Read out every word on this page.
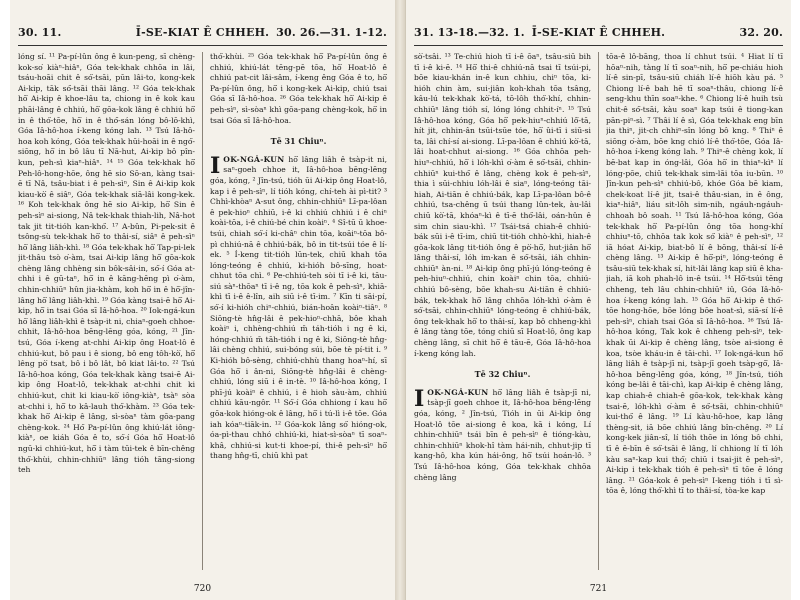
30. 11.	Ī-SE-KIAT Ê CHHEH. 30. 26.—31. 1-12.

lóng sí. ¹¹ Pa-pí-lûn ông ê kun-peng, sī chèng-kok-so͘ kiàⁿ-hiâⁿ, Góa tek-khak chhōa in lâi, tsáu-hoāi chit ê só͘-tsāi, pūn lâi-to, kong-kek Ai-kip, tāk só͘-tsāi thāi lâng. ¹² Góa tek-khak hō͘ Ai-kip ê khoe-lâu ta, chiong in ê kok kau phāi-lâng ê chhiú, hō͘ gōa-kok lâng ê chhiú hō͘ in ê thó͘-tōe, hō͘ in ê thó͘-sán lóng bô-lō-khì, Góa Iâ-hô-hoa í-keng kóng lah. ¹³ Tsú Iâ-hô-hoa koh kóng, Góa tek-khak hūi-hoāi in ê ngó͘-siōng, hō͘ in bô lâu tī Nā-hut, Ai-kip bô pîn-kun, peh-sì kiaⁿ-hiâⁿ. ¹⁴ ¹⁵ Góa tek-khak hō͘ Peh-lô-hong-hōe, ông hē sio Sō-an, kàng tsai-ē tī Nâ, tsâu-biat i ê peh-sìⁿ, Sin ê Ai-kip kok kiau-kò͘ ê siâⁿ, Góa tek-khak siā-lâi kong-kek. ¹⁶ Koh tek-khak ông hē sio Ai-kip, hō͘ Sin ê peh-sìⁿ ai-siong, Nâ tek-khak thiah-lih, Nâ-hot tak jit tit-tióh kan-khó͘. ¹⁷ A-bûn, Pi-pek-sit ê tsông-sù tek-khak hō͘ to thâi-sí, siâⁿ ê peh-sìⁿ hō͘ lâng liâh-khì. ¹⁸ Góa tek-khak hō͘ Tap-pi-lek jit-thâu tsò o͘-àm, tsai Ai-kip lâng hō͘ gōa-kok chèng lâng chhèng sin bôk-sâi-in, só͘-í Góa at-chhi i ê gū-taⁿ, hō͘ in ê kāng-hēng pì o͘-àm, chhin-chhiūⁿ hûn jia-khàm, koh hō͘ in ê hō͘-jîn-lâng hō͘ lâng liâh-khì. ¹⁹ Góa kàng tsai-ē hō͘ Ai-kip, hō͘ in tsai Góa sī Iâ-hô-hoa. ²⁰ Iok-ngá-kun hō͘ lâng liâh-khì ê tsàp-it ni, chiaⁿ-goeh chhoe-chhit, Iâ-hô-hoa bēng-lēng góa, kóng, ²¹ Jîn-tsú, Góa í-keng at-chhi Ai-kip ông Hoat-lô ê chhiú-kut, bô pau i ê siong, bô eng tôh-kò͘, hō͘ lêng pò͘ tsat, bô i bô lât, bô kiat lâi-to. ²² Tsú Iâ-hô-hoa kóng, Góa tek-khak kàng tsai-ē Ai-kip ông Hoat-lô, tek-khak at-chhi chit ki chhiú-kut, chit ki kiau-kò͘ iông-kiàⁿ, tsàⁿ sòa at-chhi i, hō͘ to kâ-lauh thó͘-khàm. ²³ Góa tek-khak hō͘ Ai-kip ê lâng, sì-sòaⁿ tàm gōa-pang chèng-kok. ²⁴ Hó͘ Pa-pí-lûn ông khiú-lát iông-kiàⁿ, oe kiáh Góa ê to, só͘-í Góa hō͘ Hoat-lô ngū-ki chhiú-kut, hō͘ i tàm tūi-tek ê bīn-chêng thó͘-khùi, chhin-chhiūⁿ lâng tióh tāng-siong teh

thó͘-khùi. ²⁵ Góa tek-khak hō͘ Pa-pí-lûn ông ê chhiú, khiú-lát tēng-pē tōa, hō͘ Hoat-lô ê chhiú pat-cit lâi-sâm, í-keng êng Góa ê to, hō͘ Pa-pí-lûn ông, hō͘ i kong-kek Ai-kip, chiú tsai Góa sī Iâ-hô-hoa. ²⁶ Góa tek-khak hō͘ Ai-kip ê peh-sìⁿ, sì-sòaⁿ khì gōa-pang chèng-kok, hō͘ in tsai Góa sī Iâ-hô-hoa.

Tē 31 Chiuⁿ.

IOK-NGÁ-KUN hō͘ lâng liâh ê tsàp-it ni, saⁿ-goeh chhoe it, Iâ-hô-hoa bēng-lēng góa, kóng, ² Jîn-tsú, tióh ūi Ai-kip ông Hoat-lô, kap i ê peh-sìⁿ, lí tióh kóng, chí-teh ài pì-tit? ³ Chhì-khòaⁿ A-sut ông, chhin-chhiūⁿ Lī-pa-lôan ê pek-hioⁿ chhiū, i-ê ki chhiú chhiú i ê chiⁿ koài-tōa, i-ê chiú-bé chin koàiⁿ. ⁴ Sî-tū ū khoe-tsúi, chiah só͘-í ki-châⁿ chin tōa, koāiⁿ-tōa bô-pì chhiú-nā ê chhiú-bák, bô in tit-tsúi tóe ê lí-ek. ⁵ Í-keng tit-tióh lūn-tek, chiū khah tōa lóng-teóng ê chhiú, ki-hióh bô-sīng, hoat-chhut tōa chì. ⁶ Pe-chhiú-teh sòi tī i-ê ki, tāu-siú sàⁿ-thōaⁿ tī i-ê ng, tōa kok ê peh-sìⁿ, khiā-khì tī i-ê ê-lîn, aih siū i-ê tī-im. ⁷ Kīn ti sāi-pí, só͘-í ki-hióh chiⁿ-chhiú, bián-hoân koàiⁿ-tiâⁿ. ⁸ Siōng-tè hn̂g-lâi ê pek-hioⁿ-chhā, bôe khah koàiⁿ i, chhèng-chhiú m̄ táh-tióh i ng ê ki, hóng-chhiú m̄ tāh-tióh i ng ê ki, Siōng-tè hn̂g-lâi chèng chhiú, sui-bóng súi, bōe tè pí-tit i. ⁹ Ki-hióh bô-sèng, chhiú-chhù thang hoaⁿ-hí, sī Góa hō͘ i ân-ni, Siōng-tè hn̂g-lâi ê chèng-chhiú, lóng siū i ê in-tè. ¹⁰ Iâ-hô-hoa kóng, I phī-jú koàiⁿ ê chhiú, i ê hioh sàu-àm, chhiú chhiú kāu-ngôr. ¹¹ Só͘-í Góa chhiong í kau hō͘ gōa-kok hióng-ok ê lâng, hō͘ i tú-lì i-ê tōe. Góa iah kóaⁿ-tiāk-in. ¹² Góa-kok lâng só͘ hióng-ok, óa-pì-thau chhó chhiú-ki, hiat-sì-sòaⁿ tī soaⁿ-khâ, chhiú-si kut-ti khoe-pí, thi-ê peh-sìⁿ hō͘ thang hn̂g-tī, chiū khì pat

720
31. 13-18.—32. 1. Ī-SE-KIAT Ê CHHEH.	32. 20.

sò͘-tsâi. ¹³ Te-chiú hioh tī i-ê ōaⁿ, tsâu-siū bih tī i-ê ki-ē. ¹⁴ Hō͘ thi-ê chhiú-nā tsai tī tsúi-pi, bōe kiau-khán in-ê kun chhiu, chiⁿ tōa, ki-hióh chin àm, sui-jiân koh-khah tōa tsâng, kâu-lú tek-khak kò͘-tá, tō-lôh thó͘-khí, chhin-chhiūⁿ lâng tióh sí, lóng lóng chhit-íⁿ. ¹⁵ Tsú Iâ-hô-hoa kóng, Góa hō͘ pek-hiuⁿ-chhiú lô͘-tā, hít jit, chhin-ân tsūi-tsūe tóe, hō͘ ûi-tī i siū-si ta, lâi chí-sí ai-siong. Lī-pa-lôan ê chhiú kò͘-tā, lâi hoat-chhut ai-siong. ¹⁶ Góa chhōa peh-hiuⁿ-chhiú, hō͘ i lóh-khì o͘-àm ê só͘-tsāi, chhin-chhiūⁿ kui-thó͘ ê lâng, chèng kok ê peh-sìⁿ, thia ì sūi-chhiu lóh-lâi ê siaⁿ, lóng-teóng tāi-hiah, Ai-tiān ê chhiú-bák, kap Lī-pa-lôan bô-ê chhiú, tsa-chêng ū tsúi thang lûn-tek, àu-lâi chiū kò͘-tā, khóaⁿ-kì ê tī-ē thó͘-lâi, oán-hûn ê sim chin siau-khì. ¹⁷ Tsái-tsá chiah-ê chhiú-bák sūi i-ê tī-im, chiū tit-tióh chhò-khì, hiah-ê gōa-kok lâng tit-tióh ông ê pò͘-hō͘, hut-jiân hō͘ lâng thâi-sí, lóh im-kan ê só͘-tsāi, iáh chhin-chhiūⁿ àn-ni. ¹⁸ Ai-kip ông phī-jú lóng-teóng ê peh-hiuⁿ-chhiú, chin koàiⁿ chin tōa, chhiú-chhiú bô-sèng, bōe khah-su Ai-tiān ê chhiú-bák, tek-khak hō͘ lâng chhōa lóh-khì o͘-àm ê só͘-tsāi, chhin-chhiūⁿ lóng-teóng ê chhiú-bák, ông tek-khak hō͘ to thâi-sí, kap bô chheng-khì ê lâng tàng tōe, tóng chiū sī Hoat-lô, ông kap chèng lâng, sī chit hō͘ ê tāu-ē, Góa Iâ-hô-hoa í-keng kóng lah.

Tē 32 Chiuⁿ.

IOK-NGÁ-KUN hō͘ lâng liâh ê tsàp-jī ni, tsàp-jī goeh chhoe it, Iâ-hô-hoa bēng-lēng góa, kóng, ² Jîn-tsú, Tióh in ūi Ai-kip ông Hoat-lô tōe ai-siong ê koa, kā i kóng, Lí chhin-chhiūⁿ tsái bīn ê peh-sìⁿ ê tióng-kàu, chhin-chhiūⁿ khok-hî tàm hái-nih, chhut-jip tī kang-hô, kha kún hái-ông, hō͘ tsúi hoán-lô. ³ Tsú Iâ-hô-hoa kóng, Góa tek-khak chhōa chèng lâng

tōa-ê lô-bāng, thoa lí chhut tsúi. ⁴ Hiat lí tī hōaⁿ-nih, tàng lí tī soaⁿ-nih, hō͘ pe-chiáu hioh lí-ê sin-pī, tsâu-siū chiáh lí-ê hiōh kàu pá. ⁵ Chiong lí-ê bah hē tī soaⁿ-thâu, chiong lí-ê seng-khu thīn soaⁿ-khe. ⁶ Chiong lí-ê huih tsù chit-ê só͘-tsāi, kàu soaⁿ kap tsúi ê tiong-kan pān-piⁿ-sì. ⁷ Thâi lí ê sì, Góa tek-khak eng bīn jia thiⁿ, jit-ch chhiⁿ-sîn lóng bô kng. ⁸ Thiⁿ ê siōng o͘-àm, bōe kng chió lí-ê thó͘-tōe, Góa Iâ-hô-hoa í-keng kóng lah. ⁹ Thiⁿ-ê chèng kok, lí bē-bat kap in óng-lâi, Góa hō͘ in thiaⁿ-kìⁿ lí lóng-pōe, chiū tek-khak sim-lāi tōa iu-būn. ¹⁰ Jîn-kun peh-sìⁿ chhiú-bô, khóe Góa bē kiam, chek-koat lí-ê jit, tsai-ê thâu-sian, in ê ông, kiaⁿ-hiâⁿ, liáu sit-lôh sim-nih, ngáuh-ngáuh-chhoah bô soah. ¹¹ Tsú Iâ-hô-hoa kóng, Góa tek-khak hō͘ Pa-pí-lûn ông tōa hong-khí chhiuⁿ-tō, chhōa tak kok só͘ kiàⁿ ê peh-sìⁿ, ¹² iā hóat Ai-kip, biat-bô lí ê bōng, thâi-sí lí-ê chèng lâng. ¹³ Ai-kip ê hō͘-piⁿ, lóng-teóng ê tsâu-siū tek-khak sí, hit-lâi lâng kap siū ê kha-jiah, iā koh phah-lô in-ê tsúi. ¹⁴ Hō͘-tsúi tēng chheng, teh lâu chhin-chhiūⁿ iû, Góa Iâ-hô-hoa í-keng kóng lah. ¹⁵ Góa hō͘ Ai-kip ê thó͘-tōe hong-hōe, bōe lóng bōe hoat-sì, siā-sí lí-ê peh-sìⁿ, chiah tsai Góa sī Iâ-hô-hoa. ¹⁶ Tsú Iâ-hô-hoa kóng, Tak kok ê chheng peh-sìⁿ, tek-khak ūi Ai-kip ê chèng lâng, tsòe ai-siong ê koa, tsòe kháu-in ê tāi-chì. ¹⁷ Iok-ngá-kun hō͘ lâng liâh ê tsàp-jī ni, tsàp-jī goeh tsàp-gō͘, Iâ-hô-hoa bēng-lēng góa, kóng, ¹⁸ Jîn-tsú, tióh kóng be-lâi ê tāi-chì, kap Ai-kip ê chèng lâng, kap chiah-ê chiah-ê gōa-kok, tek-khak kàng tsai-ē, lóh-khì o͘-àm ê só͘-tsāi, chhin-chhiūⁿ kui-thó͘ ê lâng. ¹⁹ Lí kàu-hô-hoe, kap lâng thèng-sit, iā bōe chhiú lâng bîn-chêng. ²⁰ Lí kong-kek jiân-sî, lí tióh thōe in lóng bô chhi, tī ê ē-bīn ê só͘-tsāi ê lâng, lí chhiong lí tī lóh kàu saⁿ-kap kui thó͘; chiū i tsai-jit ê peh-sìⁿ, Ai-kip i tek-khak tióh ê peh-sìⁿ tī tōe ē lóng lâng. ²¹ Góa-kok ê peh-sìⁿ I-keng tióh i tī sì-tōa ê, lóng thó͘-khì tī to thâi-sí, tòa-ke kap

721
